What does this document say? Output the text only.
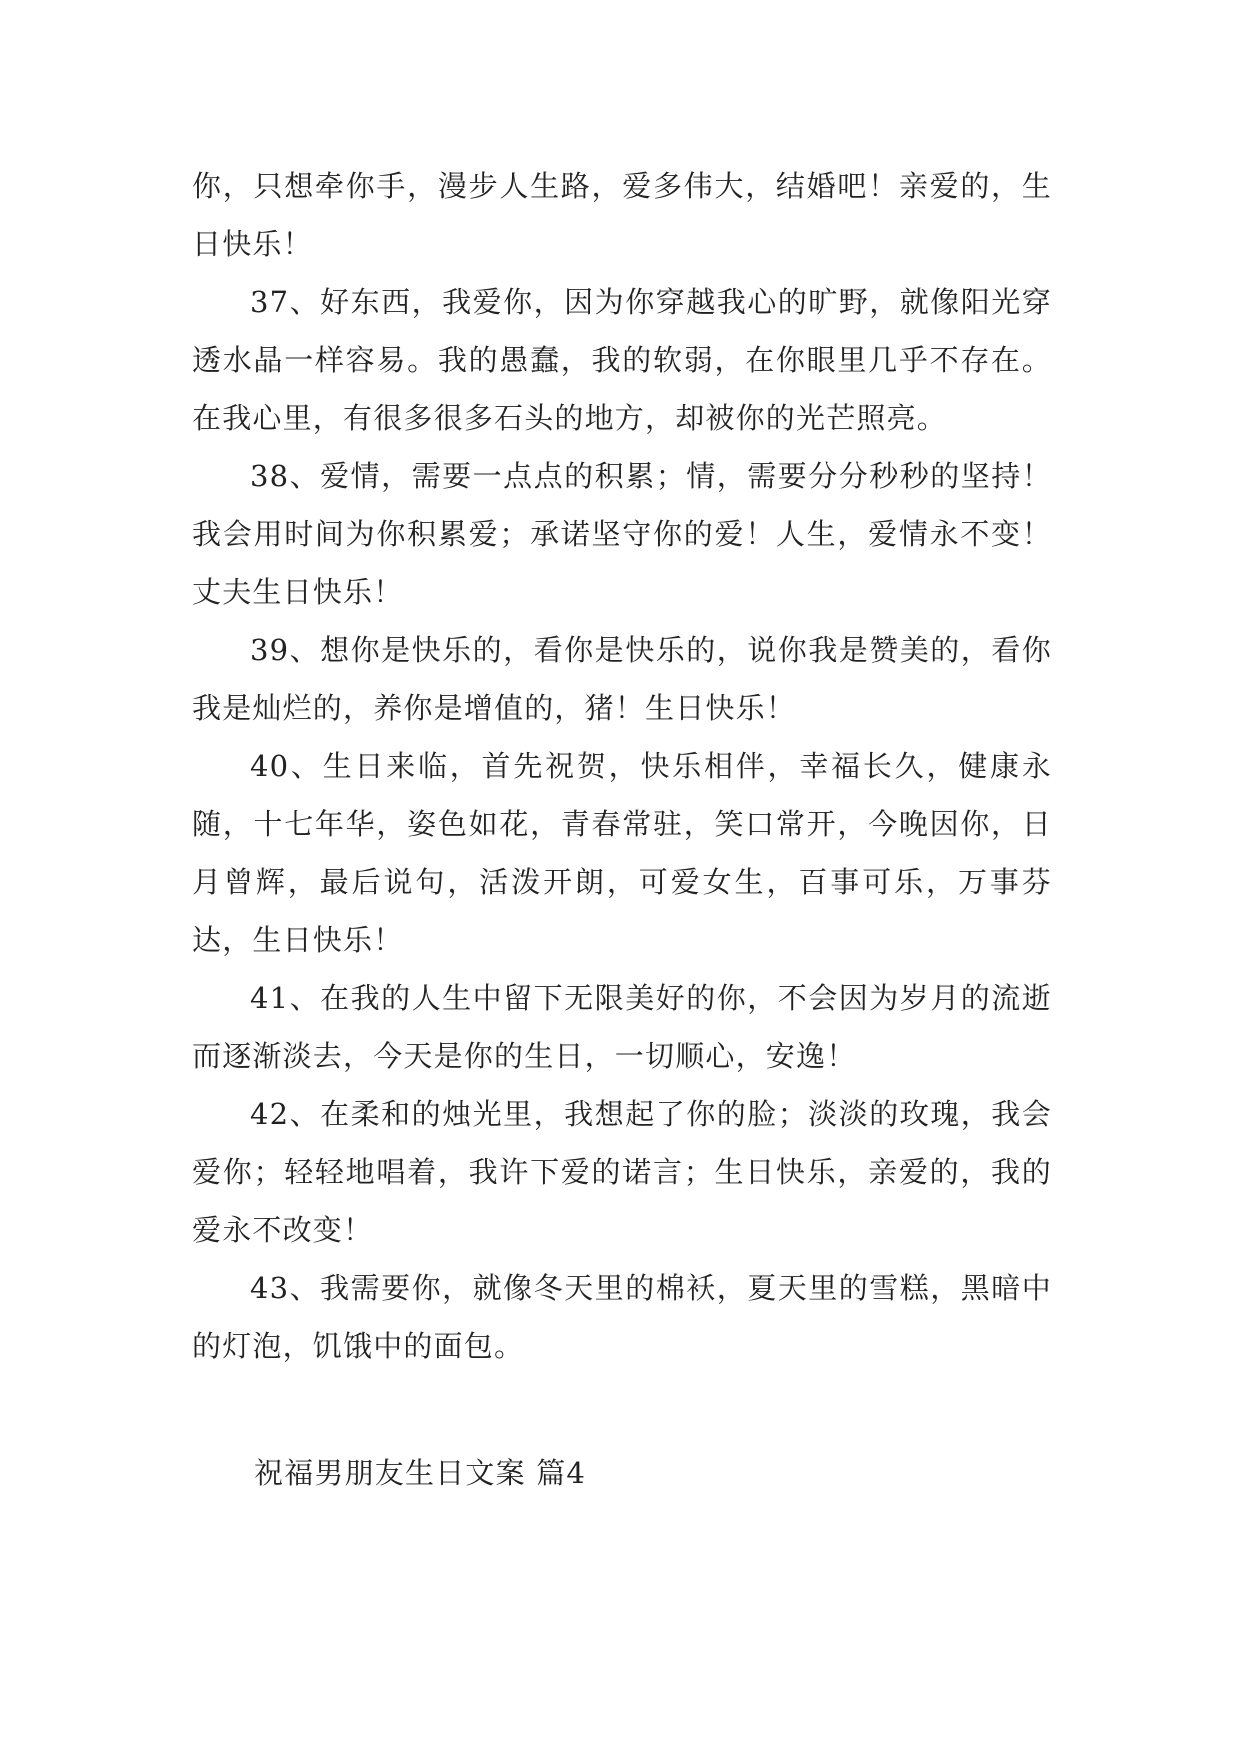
你，只想牵你手，漫步人生路，爱多伟大，结婚吧！亲爱的，生日快乐！

37、好东西，我爱你，因为你穿越我心的旷野，就像阳光穿透水晶一样容易。我的愚蠢，我的软弱，在你眼里几乎不存在。在我心里，有很多很多石头的地方，却被你的光芒照亮。

38、爱情，需要一点点的积累；情，需要分分秒秒的坚持！我会用时间为你积累爱；承诺坚守你的爱！人生，爱情永不变！丈夫生日快乐！

39、想你是快乐的，看你是快乐的，说你我是赞美的，看你我是灿烂的，养你是增值的，猪！生日快乐！

40、生日来临，首先祝贺，快乐相伴，幸福长久，健康永随，十七年华，姿色如花，青春常驻，笑口常开，今晚因你，日月曾辉，最后说句，活泼开朗，可爱女生，百事可乐，万事芬达，生日快乐！

41、在我的人生中留下无限美好的你，不会因为岁月的流逝而逐渐淡去，今天是你的生日，一切顺心，安逸！

42、在柔和的烛光里，我想起了你的脸；淡淡的玫瑰，我会爱你；轻轻地唱着，我许下爱的诺言；生日快乐，亲爱的，我的爱永不改变！

43、我需要你，就像冬天里的棉袄，夏天里的雪糕，黑暗中的灯泡，饥饿中的面包。

祝福男朋友生日文案 篇4
